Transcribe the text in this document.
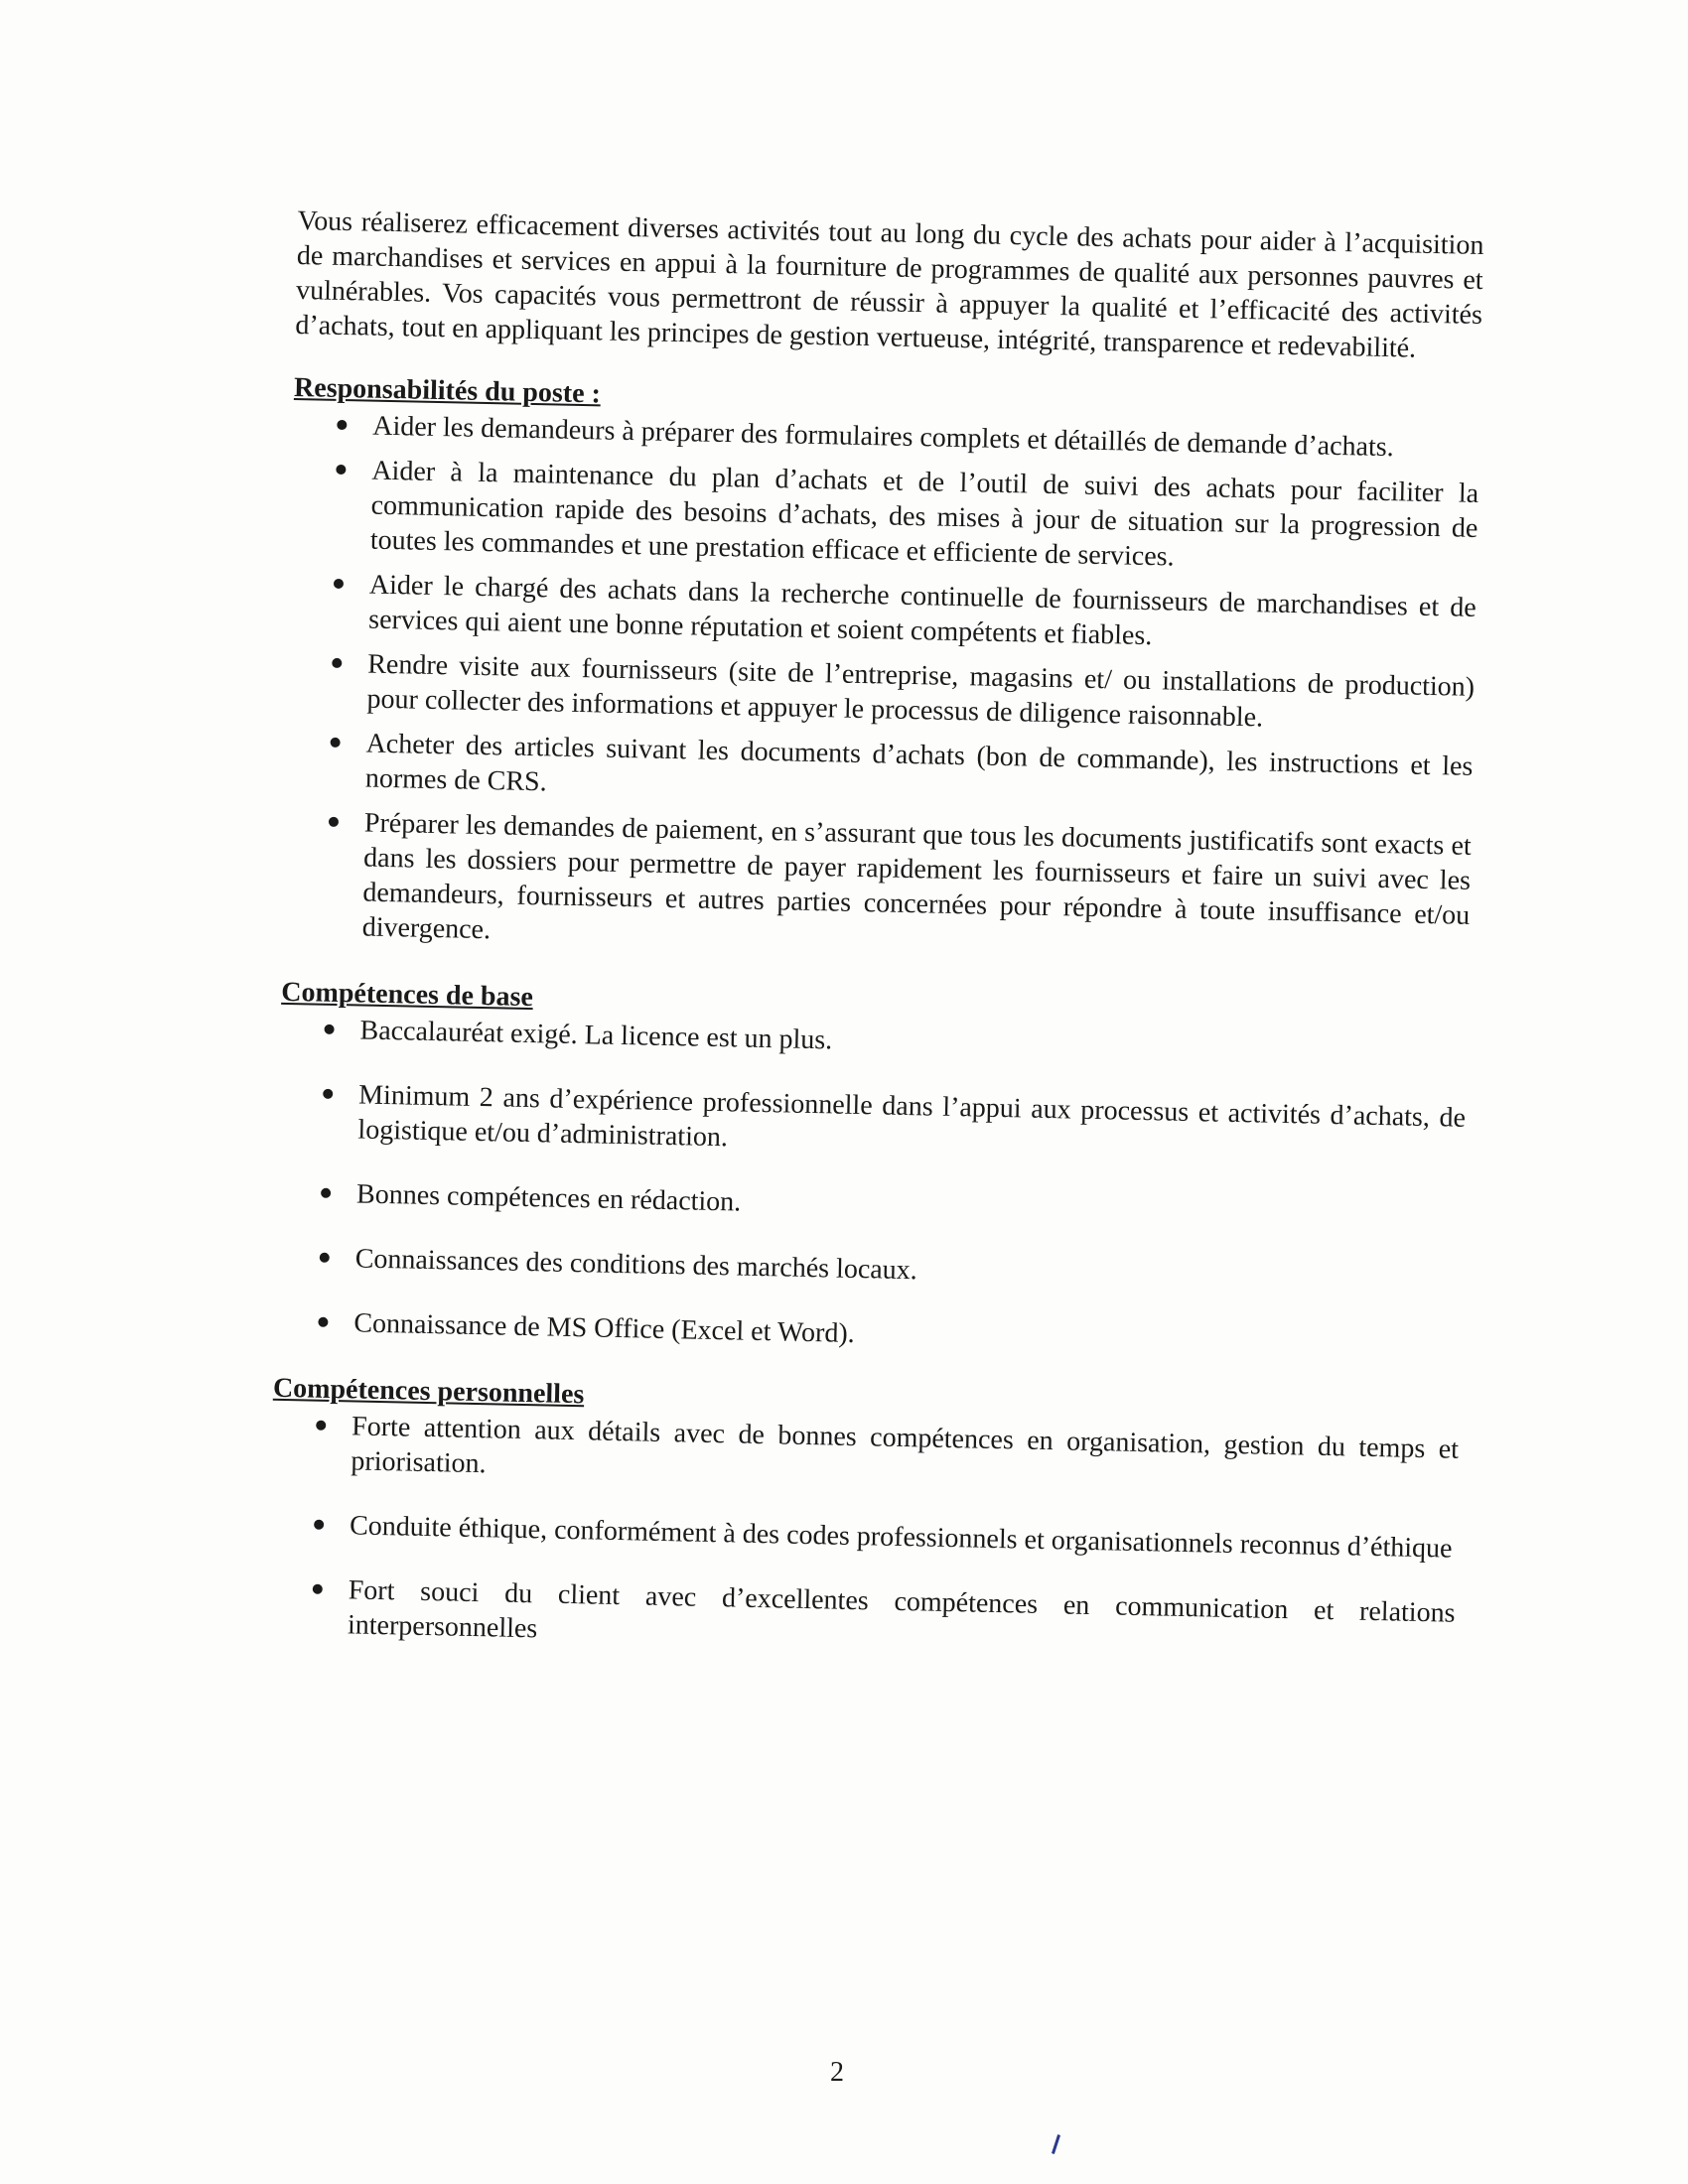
Vous réaliserez efficacement diverses activités tout au long du cycle des achats pour aider à l’acquisition de marchandises et services en appui à la fourniture de programmes de qualité aux personnes pauvres et vulnérables. Vos capacités vous permettront de réussir à appuyer la qualité et l’efficacité des activités d’achats, tout en appliquant les principes de gestion vertueuse, intégrité, transparence et redevabilité.

Responsabilités du poste :
Aider les demandeurs à préparer des formulaires complets et détaillés de demande d’achats.
Aider à la maintenance du plan d’achats et de l’outil de suivi des achats pour faciliter la communication rapide des besoins d’achats, des mises à jour de situation sur la progression de toutes les commandes et une prestation efficace et efficiente de services.
Aider le chargé des achats dans la recherche continuelle de fournisseurs de marchandises et de services qui aient une bonne réputation et soient compétents et fiables.
Rendre visite aux fournisseurs (site de l’entreprise, magasins et/ ou installations de production) pour collecter des informations et appuyer le processus de diligence raisonnable.
Acheter des articles suivant les documents d’achats (bon de commande), les instructions et les normes de CRS.
Préparer les demandes de paiement, en s’assurant que tous les documents justificatifs sont exacts et dans les dossiers pour permettre de payer rapidement les fournisseurs et faire un suivi avec les demandeurs, fournisseurs et autres parties concernées pour répondre à toute insuffisance et/ou divergence.
Compétences de base
Baccalauréat exigé. La licence est un plus.
Minimum 2 ans d’expérience professionnelle dans l’appui aux processus et activités d’achats, de logistique et/ou d’administration.
Bonnes compétences en rédaction.
Connaissances des conditions des marchés locaux.
Connaissance de MS Office (Excel et Word).
Compétences personnelles
Forte attention aux détails avec de bonnes compétences en organisation, gestion du temps et priorisation.
Conduite éthique, conformément à des codes professionnels et organisationnels reconnus d’éthique
Fort souci du client avec d’excellentes compétences en communication et relations interpersonnelles
2
